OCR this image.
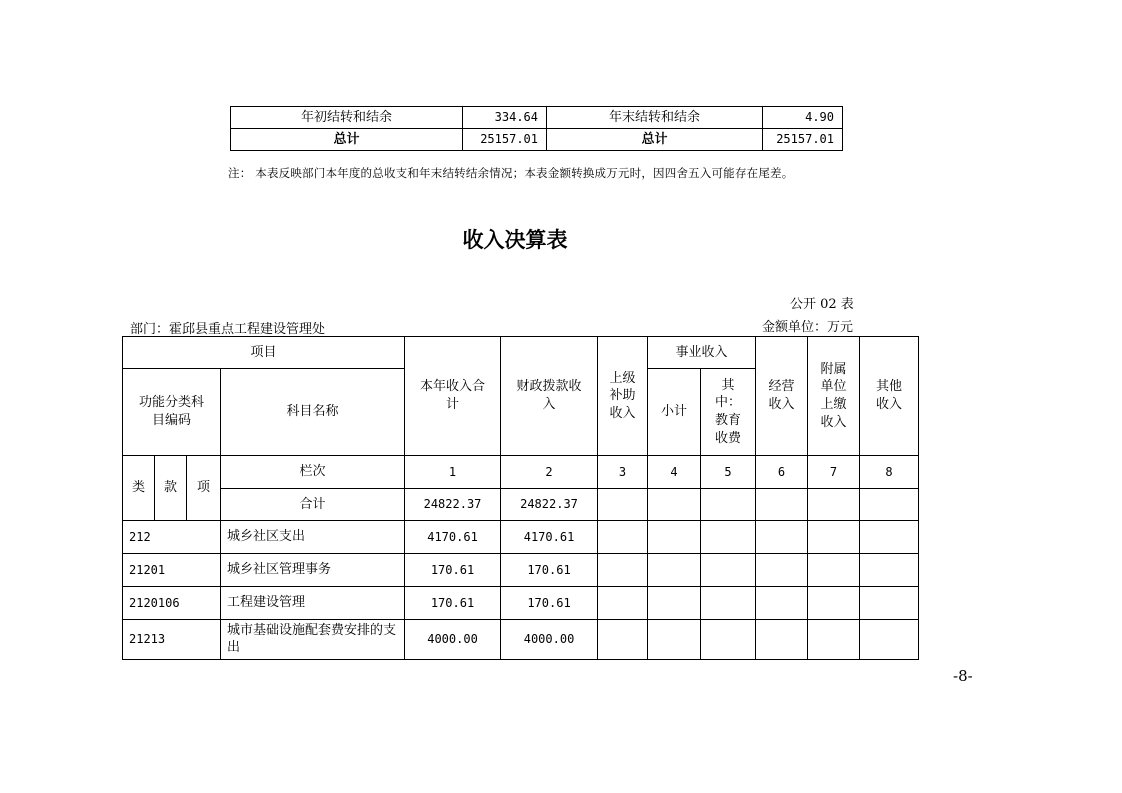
年初结转和结余	334.64	年末结转和结余	4.90
总计	25157.01	总计	25157.01
注： 本表反映部门本年度的总收支和年末结转结余情况；本表金额转换成万元时，因四舍五入可能存在尾差。
收入决算表
公开 02 表
部门：霍邱县重点工程建设管理处	金额单位：万元
项目				本年收入合计	财政拨款收入	上级补助收入	事业收入		经营收入	附属单位上缴收入	其他收入
功能分类科目编码			科目名称				小计	其中：教育收费			

类	款	项	栏次	1	2	3	4	5	6	7	8
			合计	24822.37	24822.37						
212			城乡社区支出	4170.61	4170.61						
21201			城乡社区管理事务	170.61	170.61						
2120106			工程建设管理	170.61	170.61						
21213			城市基础设施配套费安排的支出	4000.00	4000.00						
-8-
